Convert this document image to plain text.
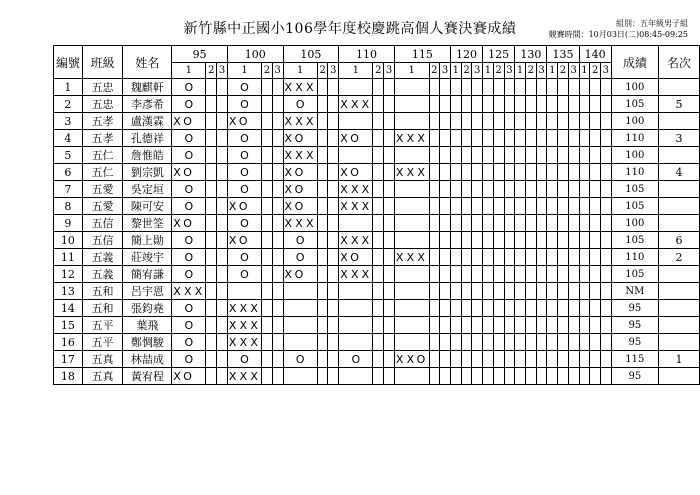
新竹縣中正國小106學年度校慶跳高個人賽決賽成績	組別：五年級男子組
競賽時間：10月03日(二)08:45-09:25
編號	班級	姓名	95			100			105			110			115			120			125			130			135			140			成績	名次
			1	2	3	1	2	3	1	2	3	1	2	3	1	2	3	1	2	3	1	2	3	1	2	3	1	2	3	1	2	3		
1	五忠	魏麒軒	O			O			XXX																								100	
2	五忠	李彥希	O			O			O			XXX																					105	5
3	五孝	盧漢霖	XO			XO			XXX																								100	
4	五孝	孔德祥	O			O			XO			XO			XXX																		110	3
5	五仁	詹惟皓	O			O			XXX																								100	
6	五仁	劉宗凱	XO			O			XO			XO			XXX																		110	4
7	五愛	吳定垣	O			O			XO			XXX																					105	
8	五愛	陳可安	O			XO			XO			XXX																					105	
9	五信	黎世筌	XO			O			XXX																								100	
10	五信	簡上勛	O			XO			O			XXX																					105	6
11	五義	莊竣宇	O			O			O			XO			XXX																		110	2
12	五義	簡宥謙	O			O			XO			XXX																					105	
13	五和	呂宇恩	XXX																														NM	
14	五和	張鈞堯	O			XXX																											95	
15	五平	葉飛	O			XXX																											95	
16	五平	鄭惆駿	O			XXX																											95	
17	五真	林喆成	O			O			O			O			XXO																		115	1
18	五真	黃宥程	XO			XXX																											95	
